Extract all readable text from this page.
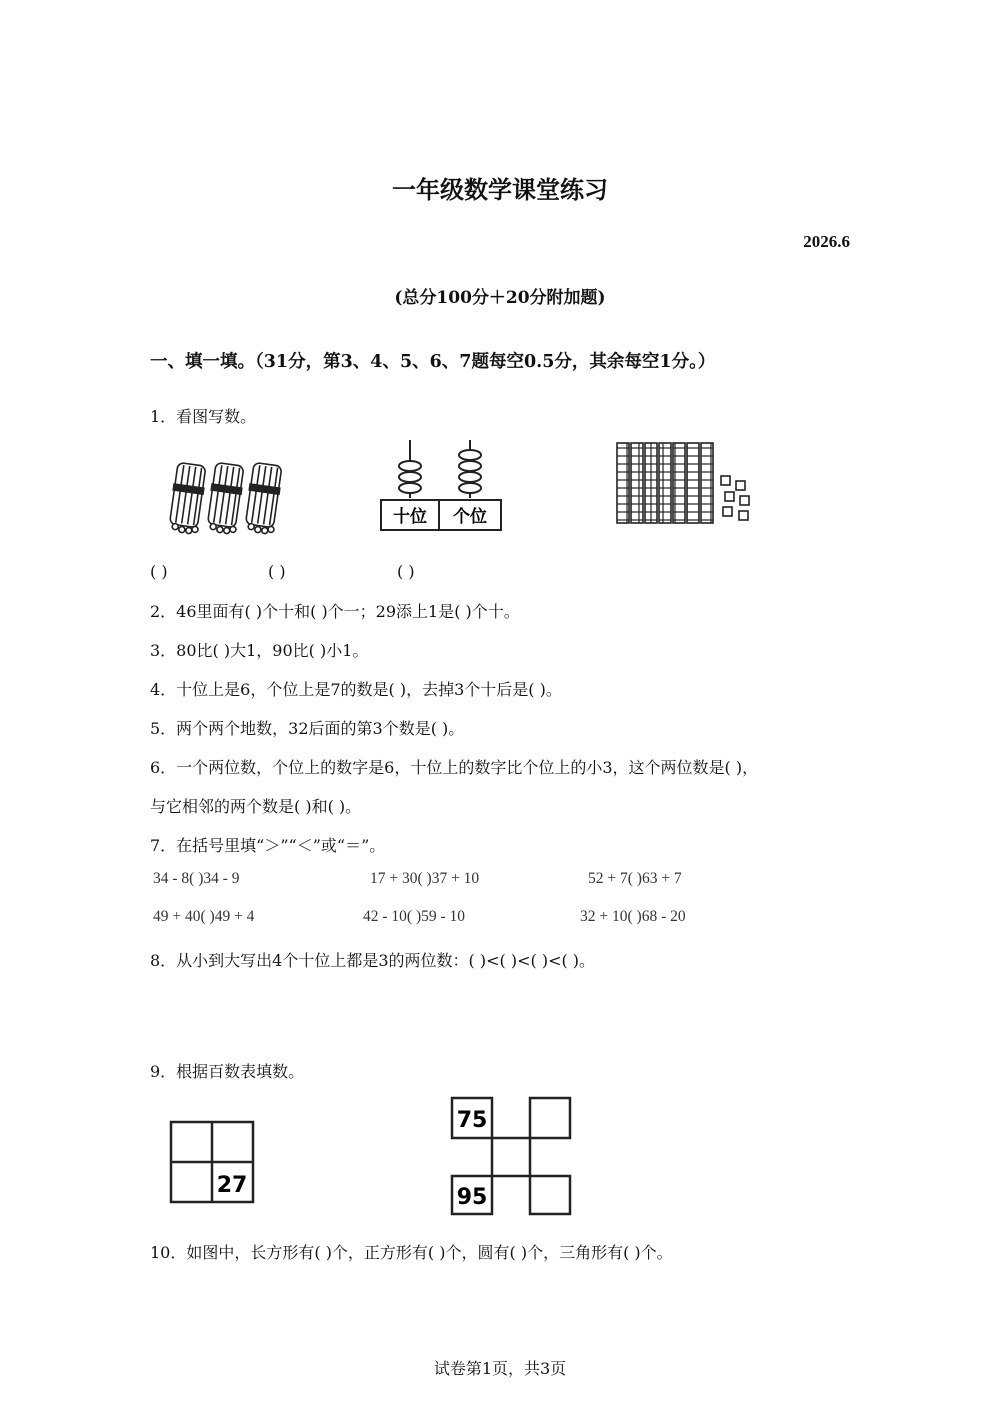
一年级数学课堂练习
2026.6
(总分100分＋20分附加题)
一、填一填。（31分，第3、4、5、6、7题每空0.5分，其余每空1分。）
1．看图写数。
十位 个位
( )	( )	( )
2．46里面有( )个十和( )个一；29添上1是( )个十。
3．80比( )大1，90比( )小1。
4．十位上是6，个位上是7的数是( )，去掉3个十后是( )。
5．两个两个地数，32后面的第3个数是( )。
6．一个两位数，个位上的数字是6，十位上的数字比个位上的小3，这个两位数是( )，
与它相邻的两个数是( )和( )。
7．在括号里填“＞”“＜”或“＝”。
34 - 8( )34 - 9	17 + 30( )37 + 10	52 + 7( )63 + 7
49 + 40( )49 + 4	42 - 10( )59 - 10	32 + 10( )68 - 20
8．从小到大写出4个十位上都是3的两位数：( )<( )<( )<( )。
9．根据百数表填数。
27
75
95
10．如图中，长方形有( )个，正方形有( )个，圆有( )个，三角形有( )个。
试卷第1页，共3页
